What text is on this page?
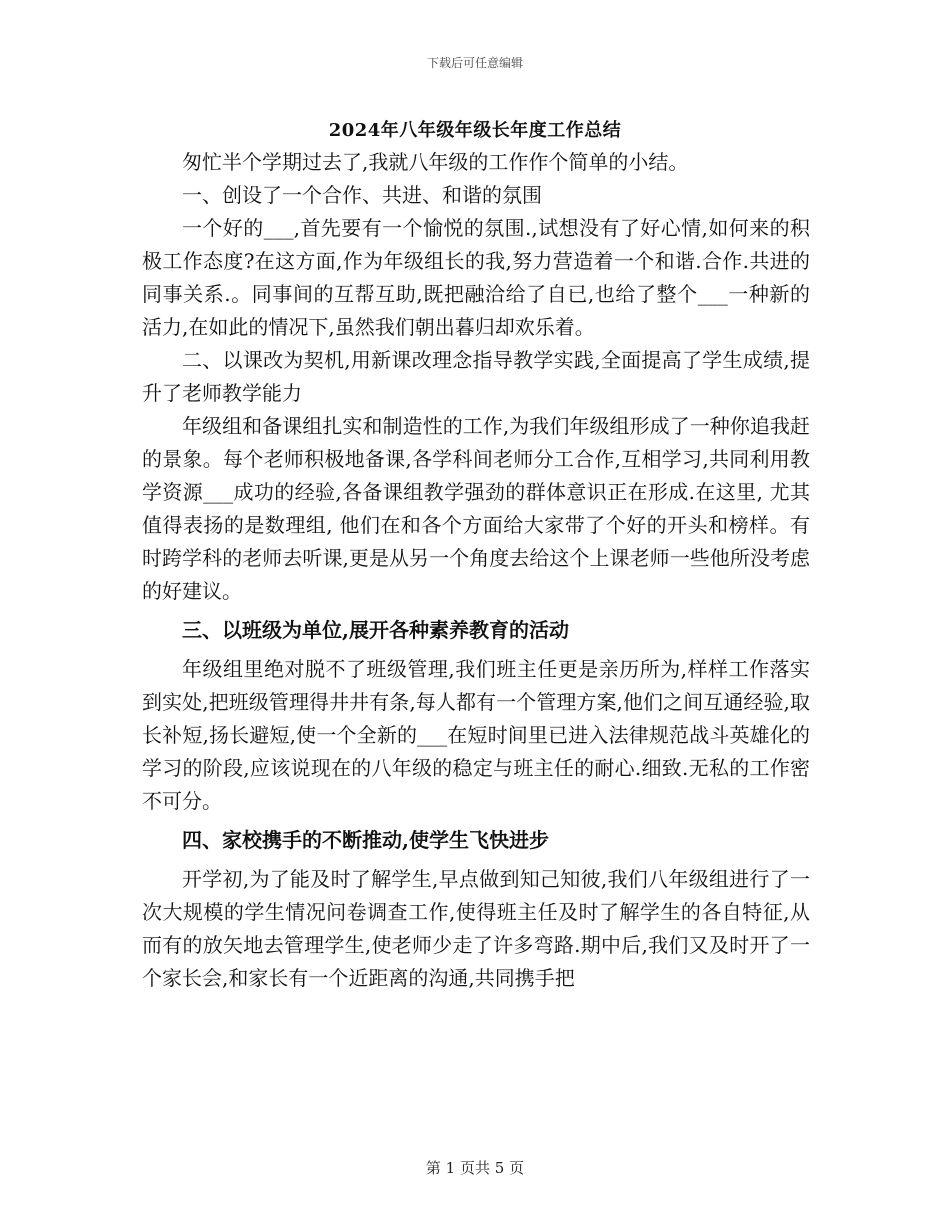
下载后可任意编辑
2024年八年级年级长年度工作总结

匆忙半个学期过去了,我就八年级的工作作个简单的小结。

一、创设了一个合作、共进、和谐的氛围

一个好的___,首先要有一个愉悦的氛围.,试想没有了好心情,如何来的积极工作态度?在这方面,作为年级组长的我,努力营造着一个和谐.合作.共进的同事关系.。同事间的互帮互助,既把融洽给了自已,也给了整个___一种新的活力,在如此的情况下,虽然我们朝出暮归却欢乐着。

二、以课改为契机,用新课改理念指导教学实践,全面提高了学生成绩,提升了老师教学能力

年级组和备课组扎实和制造性的工作,为我们年级组形成了一种你追我赶的景象。每个老师积极地备课,各学科间老师分工合作,互相学习,共同利用教学资源___成功的经验,各备课组教学强劲的群体意识正在形成.在这里, 尤其值得表扬的是数理组, 他们在和各个方面给大家带了个好的开头和榜样。有时跨学科的老师去听课,更是从另一个角度去给这个上课老师一些他所没考虑的好建议。

三、以班级为单位,展开各种素养教育的活动

年级组里绝对脱不了班级管理,我们班主任更是亲历所为,样样工作落实到实处,把班级管理得井井有条,每人都有一个管理方案,他们之间互通经验,取长补短,扬长避短,使一个全新的___在短时间里已进入法律规范战斗英雄化的学习的阶段,应该说现在的八年级的稳定与班主任的耐心.细致.无私的工作密不可分。

四、家校携手的不断推动,使学生飞快进步

开学初,为了能及时了解学生,早点做到知己知彼,我们八年级组进行了一次大规模的学生情况问卷调查工作,使得班主任及时了解学生的各自特征,从而有的放矢地去管理学生,使老师少走了许多弯路.期中后,我们又及时开了一个家长会,和家长有一个近距离的沟通,共同携手把

第 1 页共 5 页
